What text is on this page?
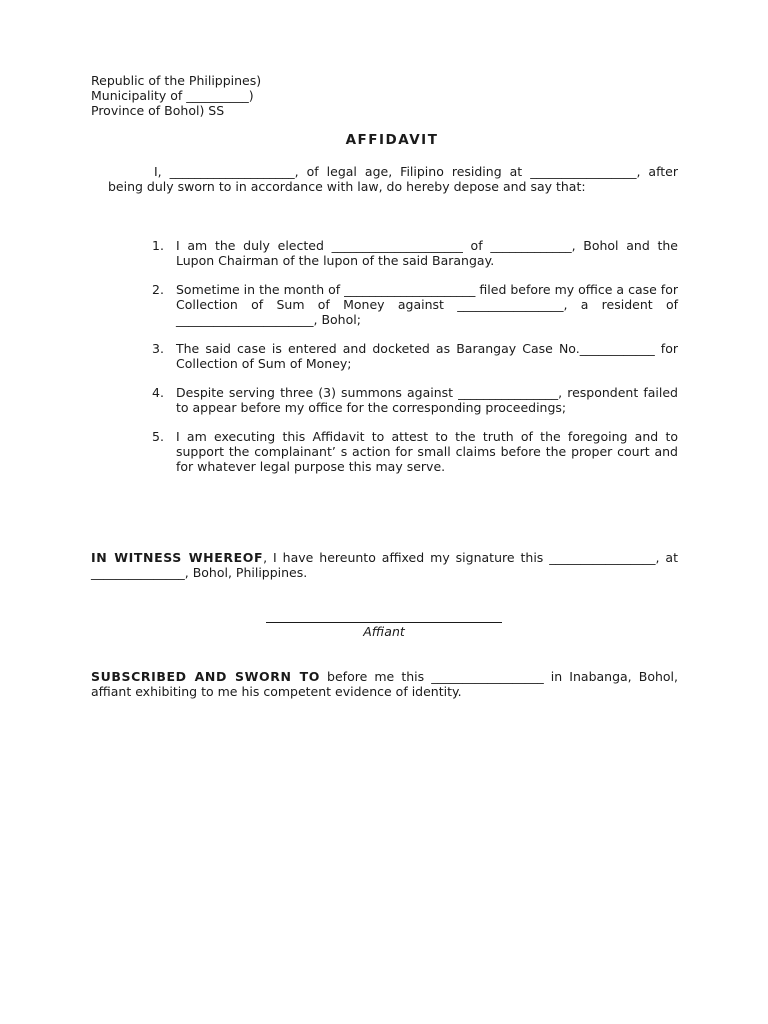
Republic of the Philippines)
Municipality of __________)
Province of Bohol) SS
AFFIDAVIT

I, ____________________, of legal age, Filipino residing at _________________, after being duly sworn to in accordance with law, do hereby depose and say that:

1. I am the duly elected _____________________ of _____________, Bohol and the Lupon Chairman of the lupon of the said Barangay.
2. Sometime in the month of _____________________ filed before my office a case for Collection of Sum of Money against _________________, a resident of ______________________, Bohol;
3. The said case is entered and docketed as Barangay Case No.____________ for Collection of Sum of Money;
4. Despite serving three (3) summons against ________________, respondent failed to appear before my office for the corresponding proceedings;
5. I am executing this Affidavit to attest to the truth of the foregoing and to support the complainant’ s action for small claims before the proper court and for whatever legal purpose this may serve.

IN WITNESS WHEREOF, I have hereunto affixed my signature this _________________, at _______________, Bohol, Philippines.

Affiant

SUBSCRIBED AND SWORN TO before me this __________________ in Inabanga, Bohol, affiant exhibiting to me his competent evidence of identity.
